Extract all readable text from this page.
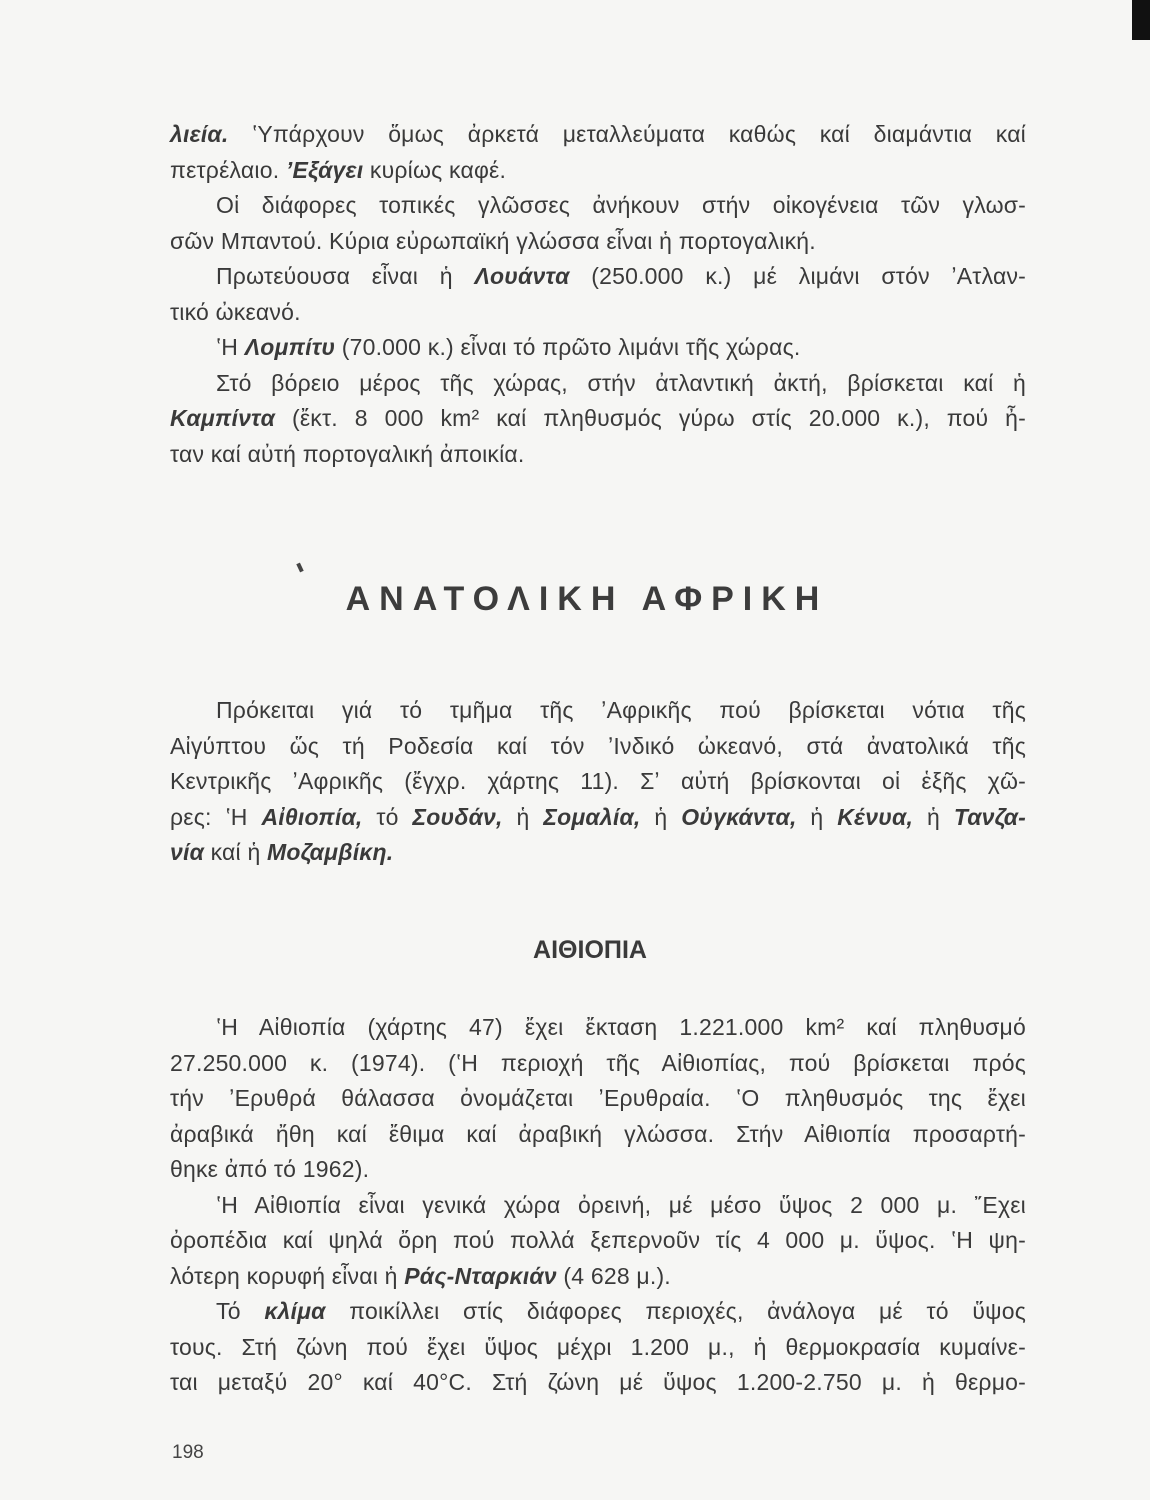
λιεία. ʽΥπάρχουν ὅμως ἀρκετά μεταλλεύματα καθώς καί διαμάντια καί
πετρέλαιο. ʼΕξάγει κυρίως καφέ.
Οἱ διάφορες τοπικές γλῶσσες ἀνήκουν στήν οἰκογένεια τῶν γλωσ-
σῶν Μπαντού. Κύρια εὐρωπαϊκή γλώσσα εἶναι ἡ πορτογαλική.
Πρωτεύουσα εἶναι ἡ Λουάντα (250.000 κ.) μέ λιμάνι στόν ʼΑτλαν-
τικό ὠκεανό.
ʽΗ Λομπίτυ (70.000 κ.) εἶναι τό πρῶτο λιμάνι τῆς χώρας.
Στό βόρειο μέρος τῆς χώρας, στήν ἀτλαντική ἀκτή, βρίσκεται καί ἡ
Καμπίντα (ἔκτ. 8 000 km² καί πληθυσμός γύρω στίς 20.000 κ.), πού ἦ-
ταν καί αὐτή πορτογαλική ἀποικία.
ΑΝΑΤΟΛΙΚΗ ΑΦΡΙΚΗ
Πρόκειται γιά τό τμῆμα τῆς ʼΑφρικῆς πού βρίσκεται νότια τῆς
Αἰγύπτου ὥς τή Ροδεσία καί τόν ʼΙνδικό ὠκεανό, στά ἀνατολικά τῆς
Κεντρικῆς ʼΑφρικῆς (ἔγχρ. χάρτης 11). Σʼ αὐτή βρίσκονται οἱ ἑξῆς χῶ-
ρες: ʽΗ Αἰθιοπία, τό Σουδάν, ἡ Σομαλία, ἡ Οὐγκάντα, ἡ Κένυα, ἡ Τανζα-
νία καί ἡ Μοζαμβίκη.
ΑΙΘΙΟΠΙΑ
ʽΗ Αἰθιοπία (χάρτης 47) ἔχει ἔκταση 1.221.000 km² καί πληθυσμό
27.250.000 κ. (1974). (ʽΗ περιοχή τῆς Αἰθιοπίας, πού βρίσκεται πρός
τήν ʼΕρυθρά θάλασσα ὀνομάζεται ʼΕρυθραία. ʽΟ πληθυσμός της ἔχει
ἀραβικά ἤθη καί ἔθιμα καί ἀραβική γλώσσα. Στήν Αἰθιοπία προσαρτή-
θηκε ἀπό τό 1962).
ʽΗ Αἰθιοπία εἶναι γενικά χώρα ὀρεινή, μέ μέσο ὕψος 2 000 μ. ῎Εχει
ὀροπέδια καί ψηλά ὄρη πού πολλά ξεπερνοῦν τίς 4 000 μ. ὕψος. ʽΗ ψη-
λότερη κορυφή εἶναι ἡ Ράς-Νταρκιάν (4 628 μ.).
Τό κλίμα ποικίλλει στίς διάφορες περιοχές, ἀνάλογα μέ τό ὕψος
τους. Στή ζώνη πού ἔχει ὕψος μέχρι 1.200 μ., ἡ θερμοκρασία κυμαίνε-
ται μεταξύ 20° καί 40°C. Στή ζώνη μέ ὕψος 1.200-2.750 μ. ἡ θερμο-
198
